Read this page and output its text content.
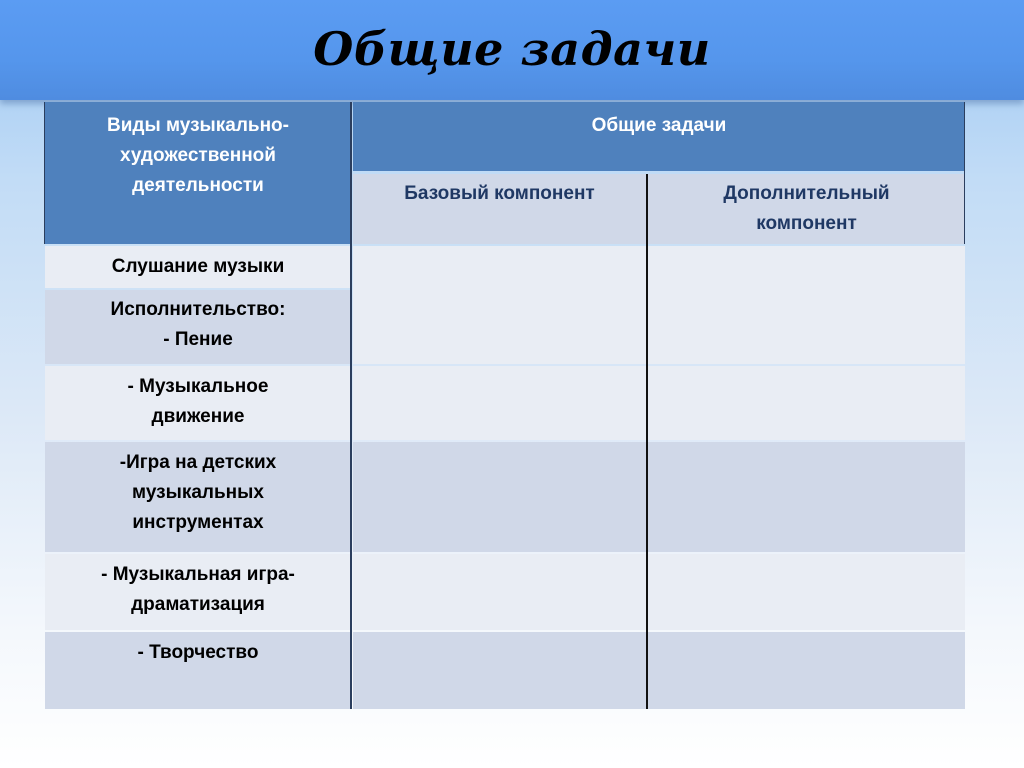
Общие задачи
Виды музыкально-
художественной
деятельности
Общие задачи
Базовый компонент	Дополнительный
компонент
Слушание музыки
Исполнительство:
- Пение
- Музыкальное
движение
-Игра на детских
музыкальных
инструментах
- Музыкальная игра-
драматизация
- Творчество
